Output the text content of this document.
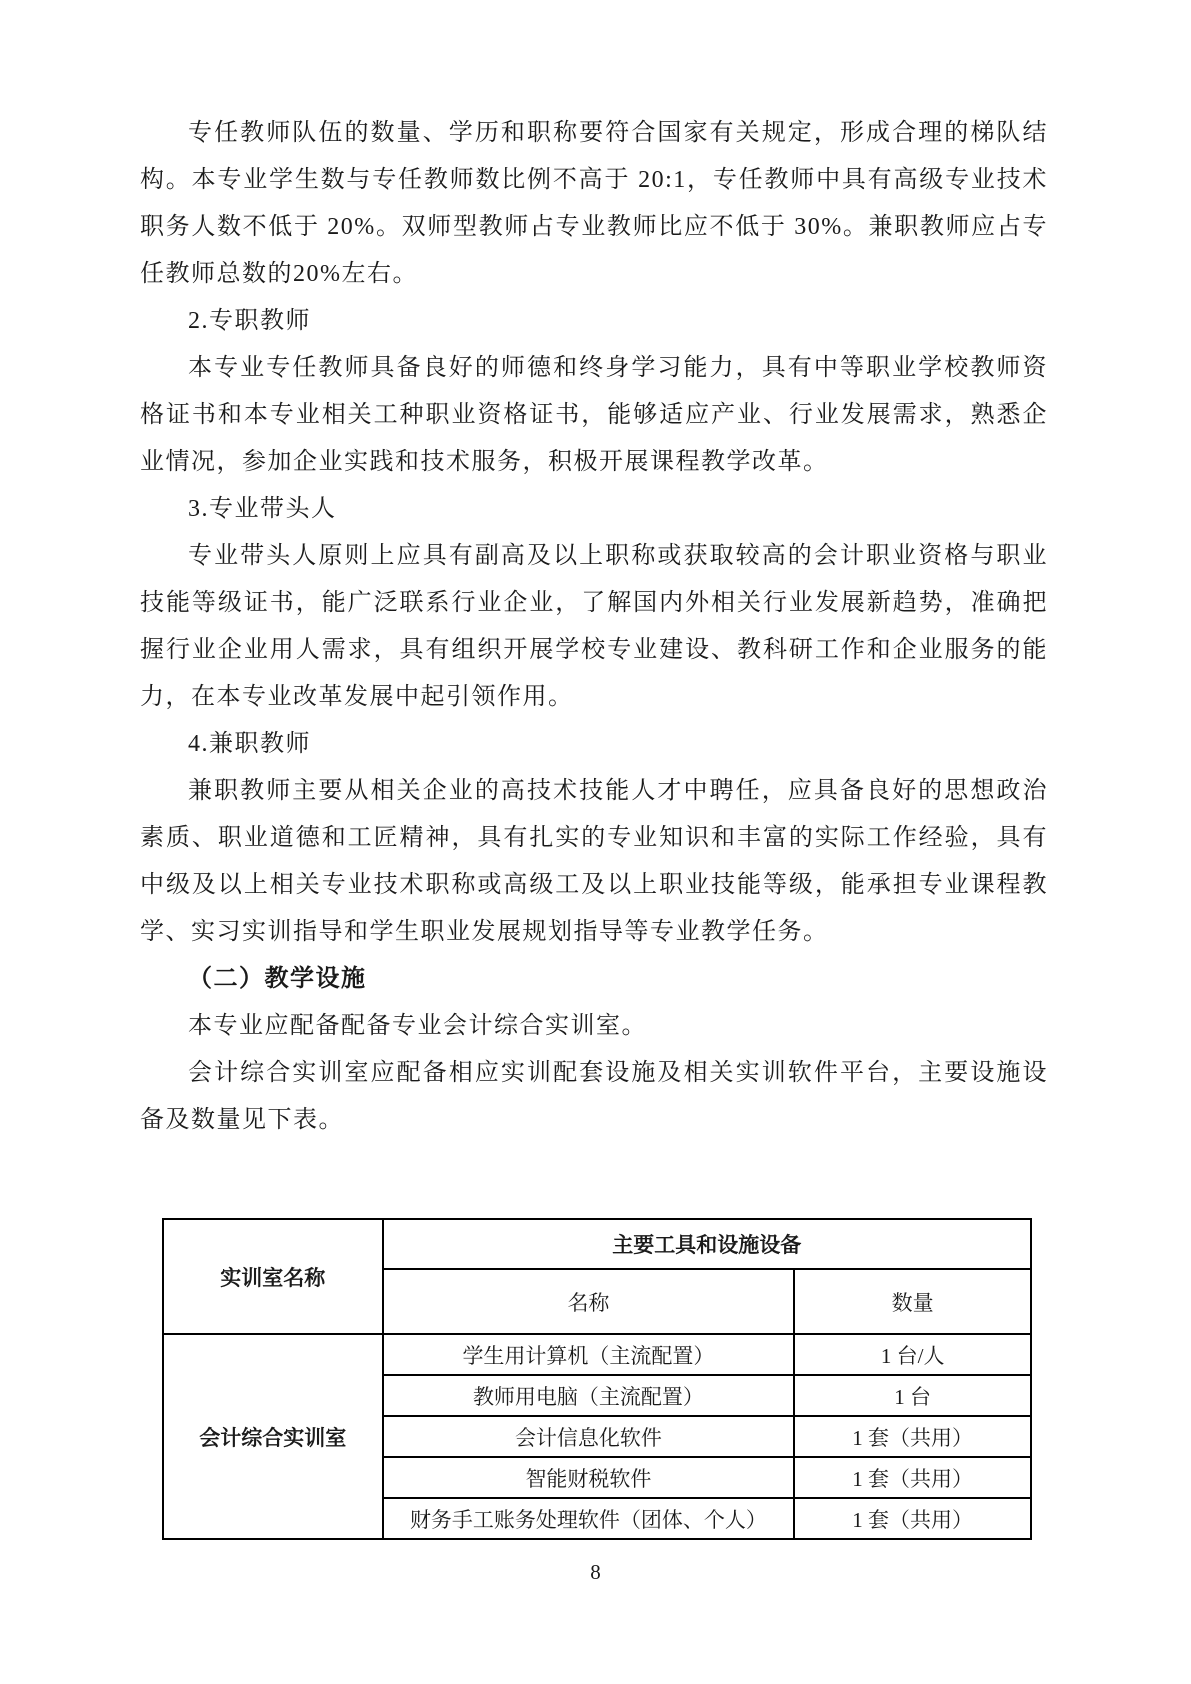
专任教师队伍的数量、学历和职称要符合国家有关规定，形成合理的梯队结构。本专业学生数与专任教师数比例不高于 20:1，专任教师中具有高级专业技术职务人数不低于 20%。双师型教师占专业教师比应不低于 30%。兼职教师应占专任教师总数的20%左右。

2.专职教师

本专业专任教师具备良好的师德和终身学习能力，具有中等职业学校教师资格证书和本专业相关工种职业资格证书，能够适应产业、行业发展需求，熟悉企业情况，参加企业实践和技术服务，积极开展课程教学改革。

3.专业带头人

专业带头人原则上应具有副高及以上职称或获取较高的会计职业资格与职业技能等级证书，能广泛联系行业企业，了解国内外相关行业发展新趋势，准确把握行业企业用人需求，具有组织开展学校专业建设、教科研工作和企业服务的能力，在本专业改革发展中起引领作用。

4.兼职教师

兼职教师主要从相关企业的高技术技能人才中聘任，应具备良好的思想政治素质、职业道德和工匠精神，具有扎实的专业知识和丰富的实际工作经验，具有中级及以上相关专业技术职称或高级工及以上职业技能等级，能承担专业课程教学、实习实训指导和学生职业发展规划指导等专业教学任务。

（二）教学设施

本专业应配备配备专业会计综合实训室。

会计综合实训室应配备相应实训配套设施及相关实训软件平台，主要设施设备及数量见下表。

实训室名称	主要工具和设施设备	
	名称	数量
会计综合实训室	学生用计算机（主流配置）	1 台/人
	教师用电脑（主流配置）	1 台
	会计信息化软件	1 套（共用）
	智能财税软件	1 套（共用）
	财务手工账务处理软件（团体、个人）	1 套（共用）
8
